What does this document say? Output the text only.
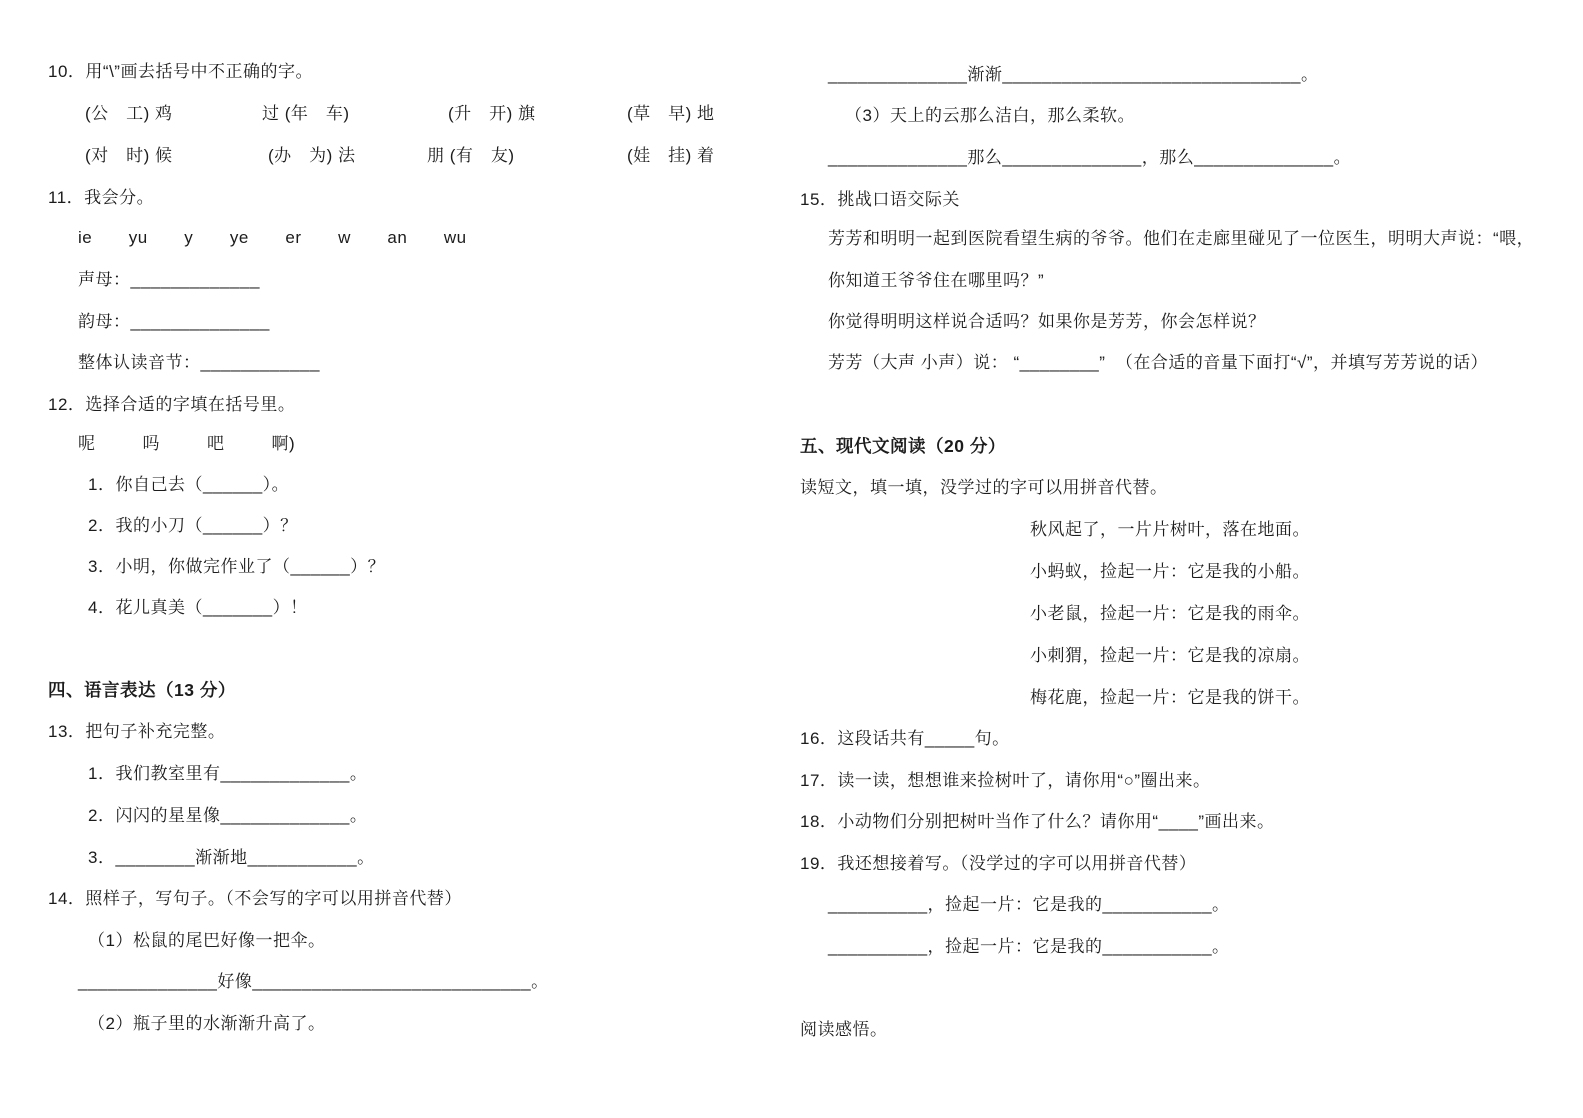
10．用“\”画去括号中不正确的字。
(公　工) 鸡	过 (年　车)	(升　开) 旗	(草　早) 地
(对　时) 候	(办　为) 法	朋 (有　友)	(娃　挂) 着
11．我会分。
ie       yu       y       ye       er       w       an       wu
声母：_____________
韵母：______________
整体认读音节：____________
12．选择合适的字填在括号里。
呢         吗         吧         啊)
1．你自己去（______）。
2．我的小刀（______）？
3．小明，你做完作业了（______）？
4．花儿真美（_______）！
四、语言表达（13 分）
13．把句子补充完整。
1．我们教室里有_____________。
2．闪闪的星星像_____________。
3．________渐渐地___________。
14．照样子，写句子。（不会写的字可以用拼音代替）
（1）松鼠的尾巴好像一把伞。
______________好像____________________________。
（2）瓶子里的水渐渐升高了。
______________渐渐______________________________。
（3）天上的云那么洁白，那么柔软。
______________那么______________，那么______________。
15．挑战口语交际关
芳芳和明明一起到医院看望生病的爷爷。他们在走廊里碰见了一位医生，明明大声说：“喂，
你知道王爷爷住在哪里吗？”
你觉得明明这样说合适吗？如果你是芳芳，你会怎样说？
芳芳（大声 小声）说： “________”  （在合适的音量下面打“√”，并填写芳芳说的话）
五、现代文阅读（20 分）
读短文，填一填，没学过的字可以用拼音代替。
秋风起了，一片片树叶，落在地面。
小蚂蚁，捡起一片：它是我的小船。
小老鼠，捡起一片：它是我的雨伞。
小刺猬，捡起一片：它是我的凉扇。
梅花鹿，捡起一片：它是我的饼干。
16．这段话共有_____句。
17．读一读，想想谁来捡树叶了，请你用“○”圈出来。
18．小动物们分别把树叶当作了什么？请你用“____”画出来。
19．我还想接着写。（没学过的字可以用拼音代替）
__________，捡起一片：它是我的___________。
__________，捡起一片：它是我的___________。
阅读感悟。
